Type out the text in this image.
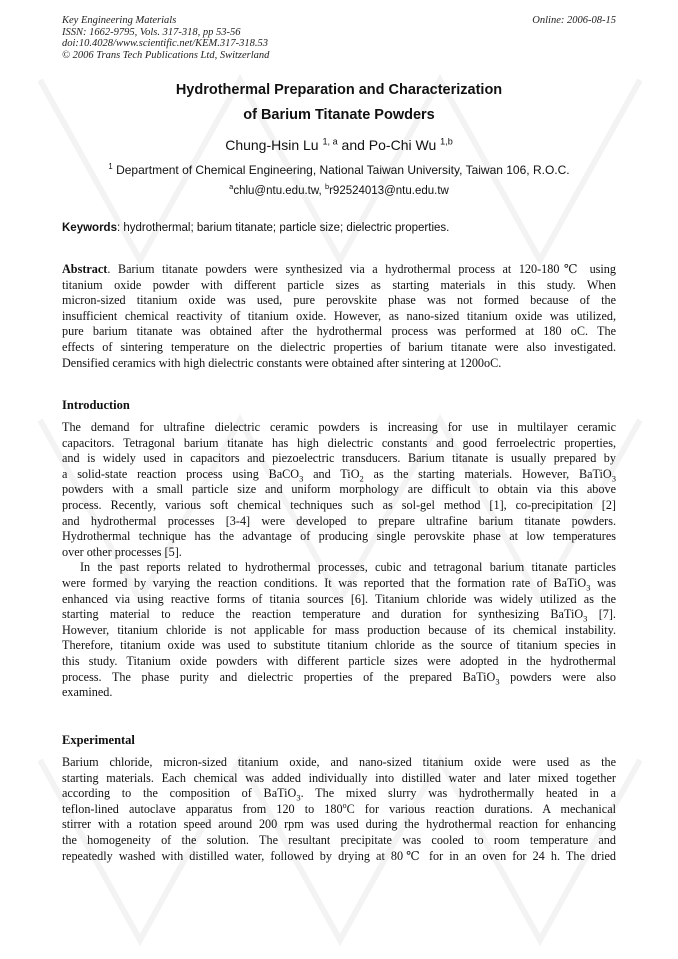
Key Engineering Materials
ISSN: 1662-9795, Vols. 317-318, pp 53-56
doi:10.4028/www.scientific.net/KEM.317-318.53
© 2006 Trans Tech Publications Ltd, Switzerland
Online: 2006-08-15
Hydrothermal Preparation and Characterization
of Barium Titanate Powders
Chung-Hsin Lu $^{1, a}$ and Po-Chi Wu $^{1,b}$
$^1$ Department of Chemical Engineering, National Taiwan University, Taiwan 106, R.O.C.
$^a$chlu@ntu.edu.tw, $^b$r92524013@ntu.edu.tw
Keywords: hydrothermal; barium titanate; particle size; dielectric properties.
Abstract. Barium titanate powders were synthesized via a hydrothermal process at 120-180℃ using
titanium oxide powder with different particle sizes as starting materials in this study. When
micron-sized titanium oxide was used, pure perovskite phase was not formed because of the
insufficient chemical reactivity of titanium oxide. However, as nano-sized titanium oxide was utilized,
pure barium titanate was obtained after the hydrothermal process was performed at 180 oC. The
effects of sintering temperature on the dielectric properties of barium titanate were also investigated.
Densified ceramics with high dielectric constants were obtained after sintering at 1200oC.
Introduction
The demand for ultrafine dielectric ceramic powders is increasing for use in multilayer ceramic
capacitors. Tetragonal barium titanate has high dielectric constants and good ferroelectric properties,
and is widely used in capacitors and piezoelectric transducers. Barium titanate is usually prepared by
a solid-state reaction process using BaCO$_3$ and TiO$_2$ as the starting materials. However, BaTiO$_3$
powders with a small particle size and uniform morphology are difficult to obtain via this above
process. Recently, various soft chemical techniques such as sol-gel method [1], co-precipitation [2]
and hydrothermal processes [3-4] were developed to prepare ultrafine barium titanate powders.
Hydrothermal technique has the advantage of producing single perovskite phase at low temperatures
over other processes [5].
In the past reports related to hydrothermal processes, cubic and tetragonal barium titanate particles
were formed by varying the reaction conditions. It was reported that the formation rate of BaTiO$_3$ was
enhanced via using reactive forms of titania sources [6]. Titanium chloride was widely utilized as the
starting material to reduce the reaction temperature and duration for synthesizing BaTiO$_3$ [7].
However, titanium chloride is not applicable for mass production because of its chemical instability.
Therefore, titanium oxide was used to substitute titanium chloride as the source of titanium species in
this study. Titanium oxide powders with different particle sizes were adopted in the hydrothermal
process. The phase purity and dielectric properties of the prepared BaTiO$_3$ powders were also
examined.
Experimental
Barium chloride, micron-sized titanium oxide, and nano-sized titanium oxide were used as the
starting materials. Each chemical was added individually into distilled water and later mixed together
according to the composition of BaTiO$_3$. The mixed slurry was hydrothermally heated in a
teflon-lined autoclave apparatus from 120 to 180$^o$C for various reaction durations. A mechanical
stirrer with a rotation speed around 200 rpm was used during the hydrothermal reaction for enhancing
the homogeneity of the solution. The resultant precipitate was cooled to room temperature and
repeatedly washed with distilled water, followed by drying at 80℃ for in an oven for 24 h. The dried
